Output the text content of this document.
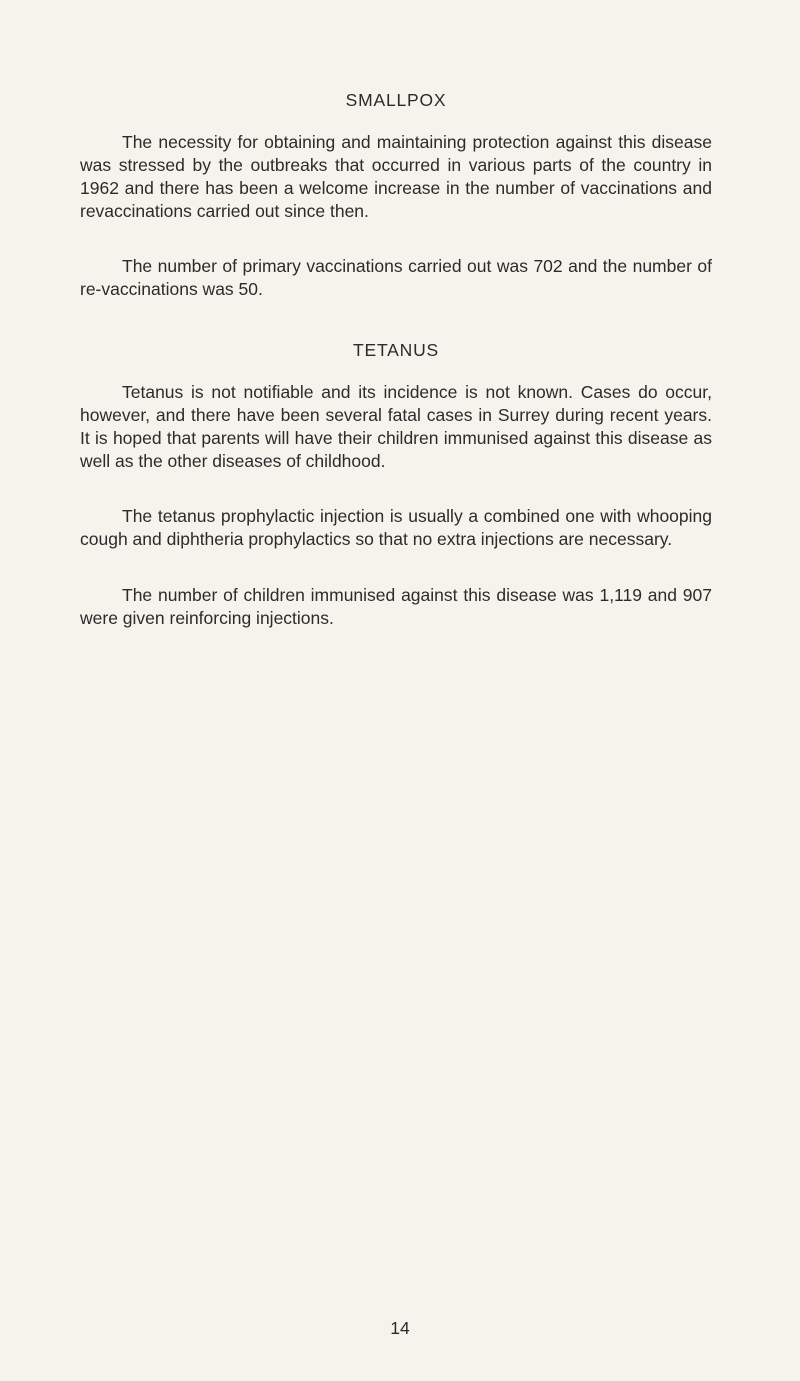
SMALLPOX

The necessity for obtaining and maintaining protection against this disease was stressed by the outbreaks that occurred in various parts of the country in 1962 and there has been a welcome increase in the number of vaccinations and revaccinations carried out since then.

The number of primary vaccinations carried out was 702 and the number of re-vaccinations was 50.

TETANUS

Tetanus is not notifiable and its incidence is not known. Cases do occur, however, and there have been several fatal cases in Surrey during recent years. It is hoped that parents will have their children immunised against this disease as well as the other diseases of childhood.

The tetanus prophylactic injection is usually a combined one with whooping cough and diphtheria prophylactics so that no extra injections are necessary.

The number of children immunised against this disease was 1,119 and 907 were given reinforcing injections.

14
